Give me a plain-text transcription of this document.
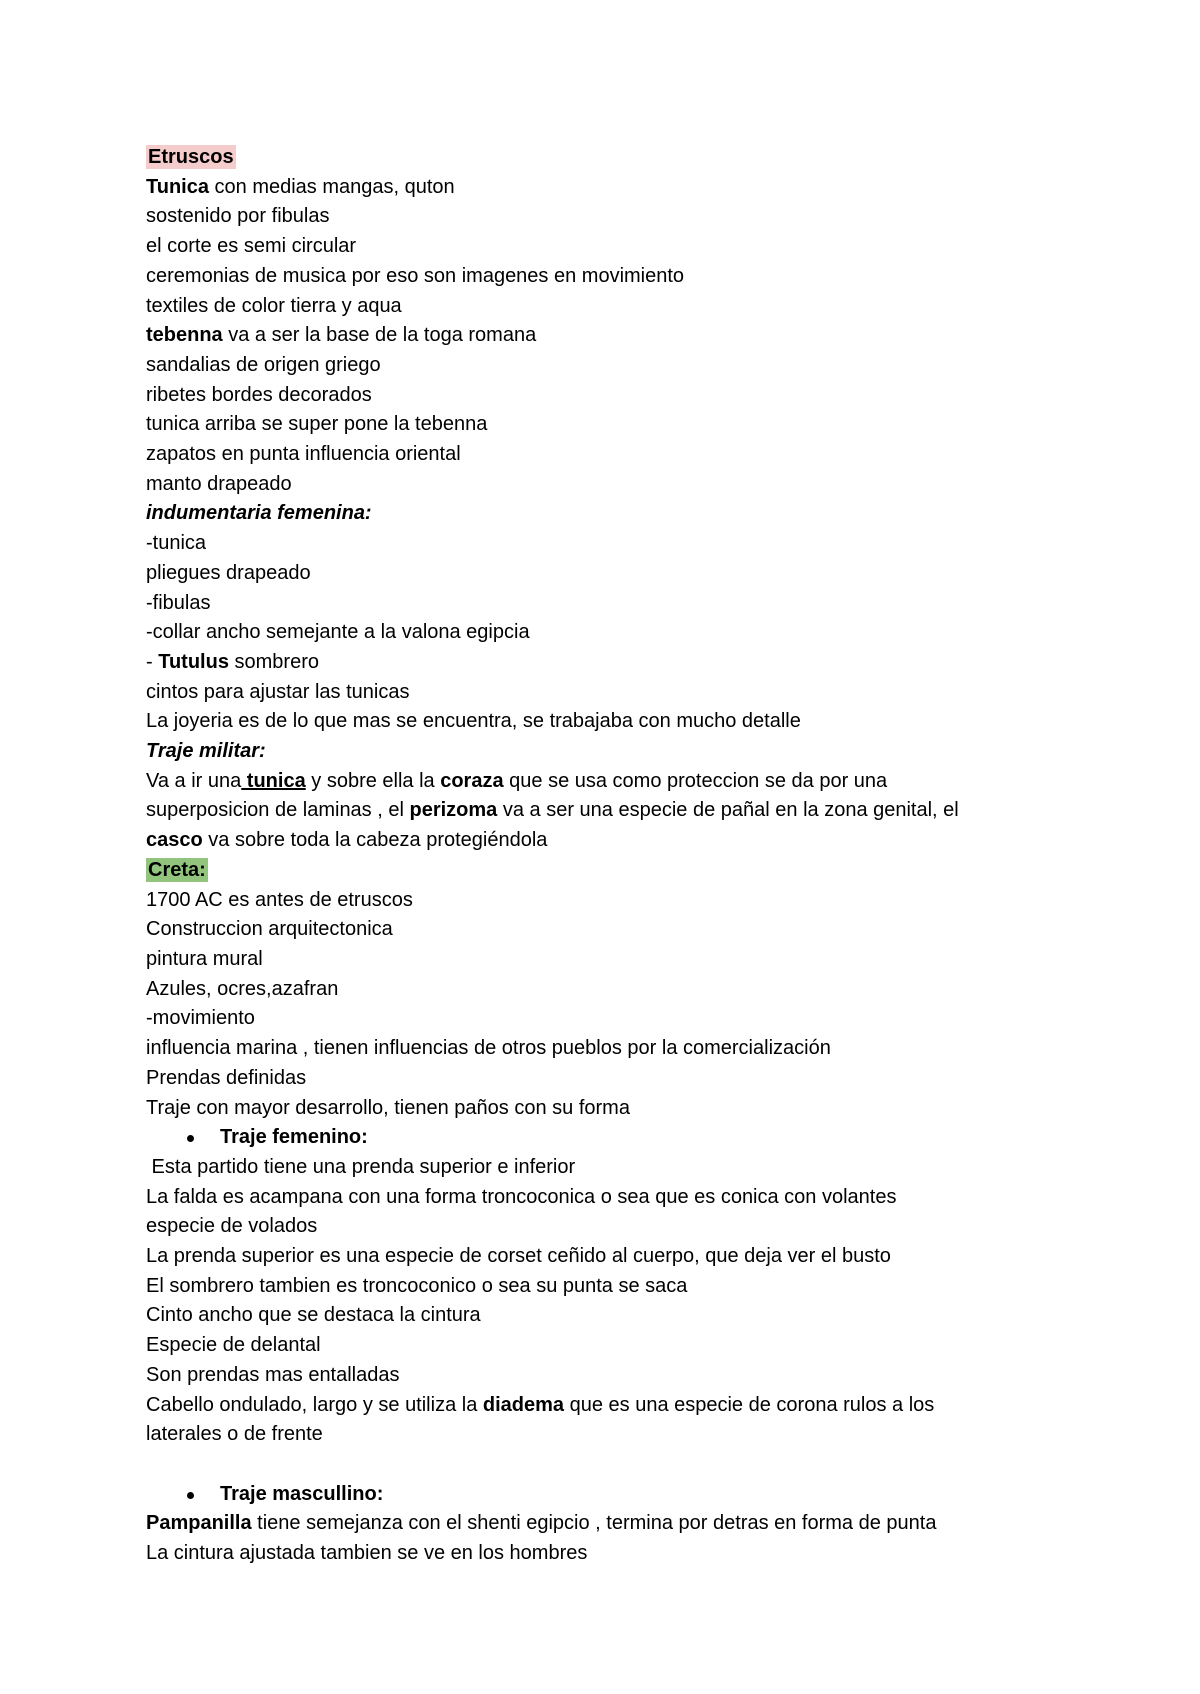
Etruscos
Tunica con medias mangas, quton
sostenido por fibulas
el corte es semi circular
ceremonias de musica por eso son imagenes en movimiento
textiles de color tierra y aqua
tebenna va a ser la base de la toga romana
sandalias de origen griego
ribetes bordes decorados
tunica arriba se super pone la tebenna
zapatos en punta influencia oriental
manto drapeado
indumentaria femenina:
-tunica
pliegues drapeado
-fibulas
-collar ancho semejante a la valona egipcia
- Tutulus sombrero
cintos para ajustar las tunicas
La joyeria es de lo que mas se encuentra, se trabajaba con mucho detalle
Traje militar:
Va a ir una tunica y sobre ella la coraza que se usa como proteccion se da por una
superposicion de laminas , el perizoma va a ser una especie de pañal en la zona genital, el
casco va sobre toda la cabeza protegiéndola
Creta:
1700 AC es antes de etruscos
Construccion arquitectonica
pintura mural
Azules, ocres,azafran
-movimiento
influencia marina , tienen influencias de otros pueblos por la comercialización
Prendas definidas
Traje con mayor desarrollo, tienen paños con su forma
Traje femenino:
Esta partido tiene una prenda superior e inferior
La falda es acampana con una forma troncoconica o sea que es conica con volantes
especie de volados
La prenda superior es una especie de corset ceñido al cuerpo, que deja ver el busto
El sombrero tambien es troncoconico o sea su punta se saca
Cinto ancho que se destaca la cintura
Especie de delantal
Son prendas mas entalladas
Cabello ondulado, largo y se utiliza la diadema que es una especie de corona rulos a los
laterales o de frente
Traje mascullino:
Pampanilla tiene semejanza con el shenti egipcio , termina por detras en forma de punta
La cintura ajustada tambien se ve en los hombres
